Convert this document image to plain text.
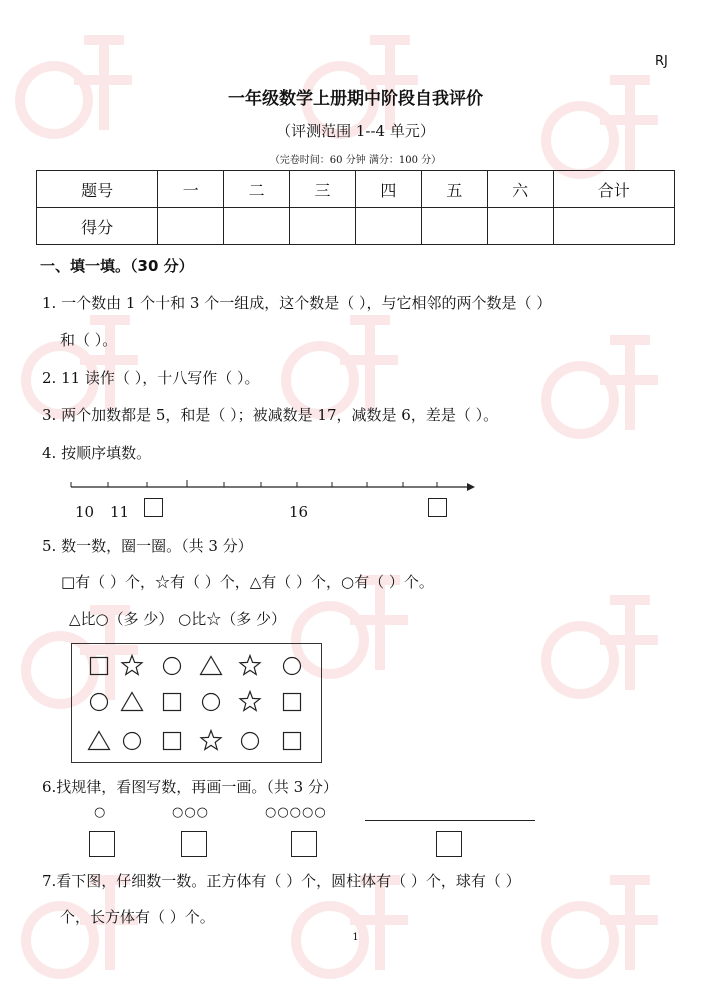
RJ
一年级数学上册期中阶段自我评价
（评测范围 1--4 单元）
（完卷时间：60 分钟 满分：100 分）
题号	一	二	三	四	五	六	合计
得分							
一、填一填。（30 分）
1. 一个数由 1 个十和 3 个一组成，这个数是（ ），与它相邻的两个数是（ ）
和（ ）。
2. 11 读作（ ），十八写作（ ）。
3. 两个加数都是 5，和是（ ）；被减数是 17，减数是 6，差是（ ）。
4. 按顺序填数。
10 11	16
5. 数一数，圈一圈。（共 3 分）
□有（ ）个，☆有（ ）个，△有（ ）个，○有（ ）个。
△比○（多 少） ○比☆（多 少）
6.找规律，看图写数，再画一画。（共 3 分）
○	○○○	○○○○○
7.看下图，仔细数一数。正方体有（ ）个，圆柱体有（ ）个，球有（ ）
个，长方体有（ ）个。
1
